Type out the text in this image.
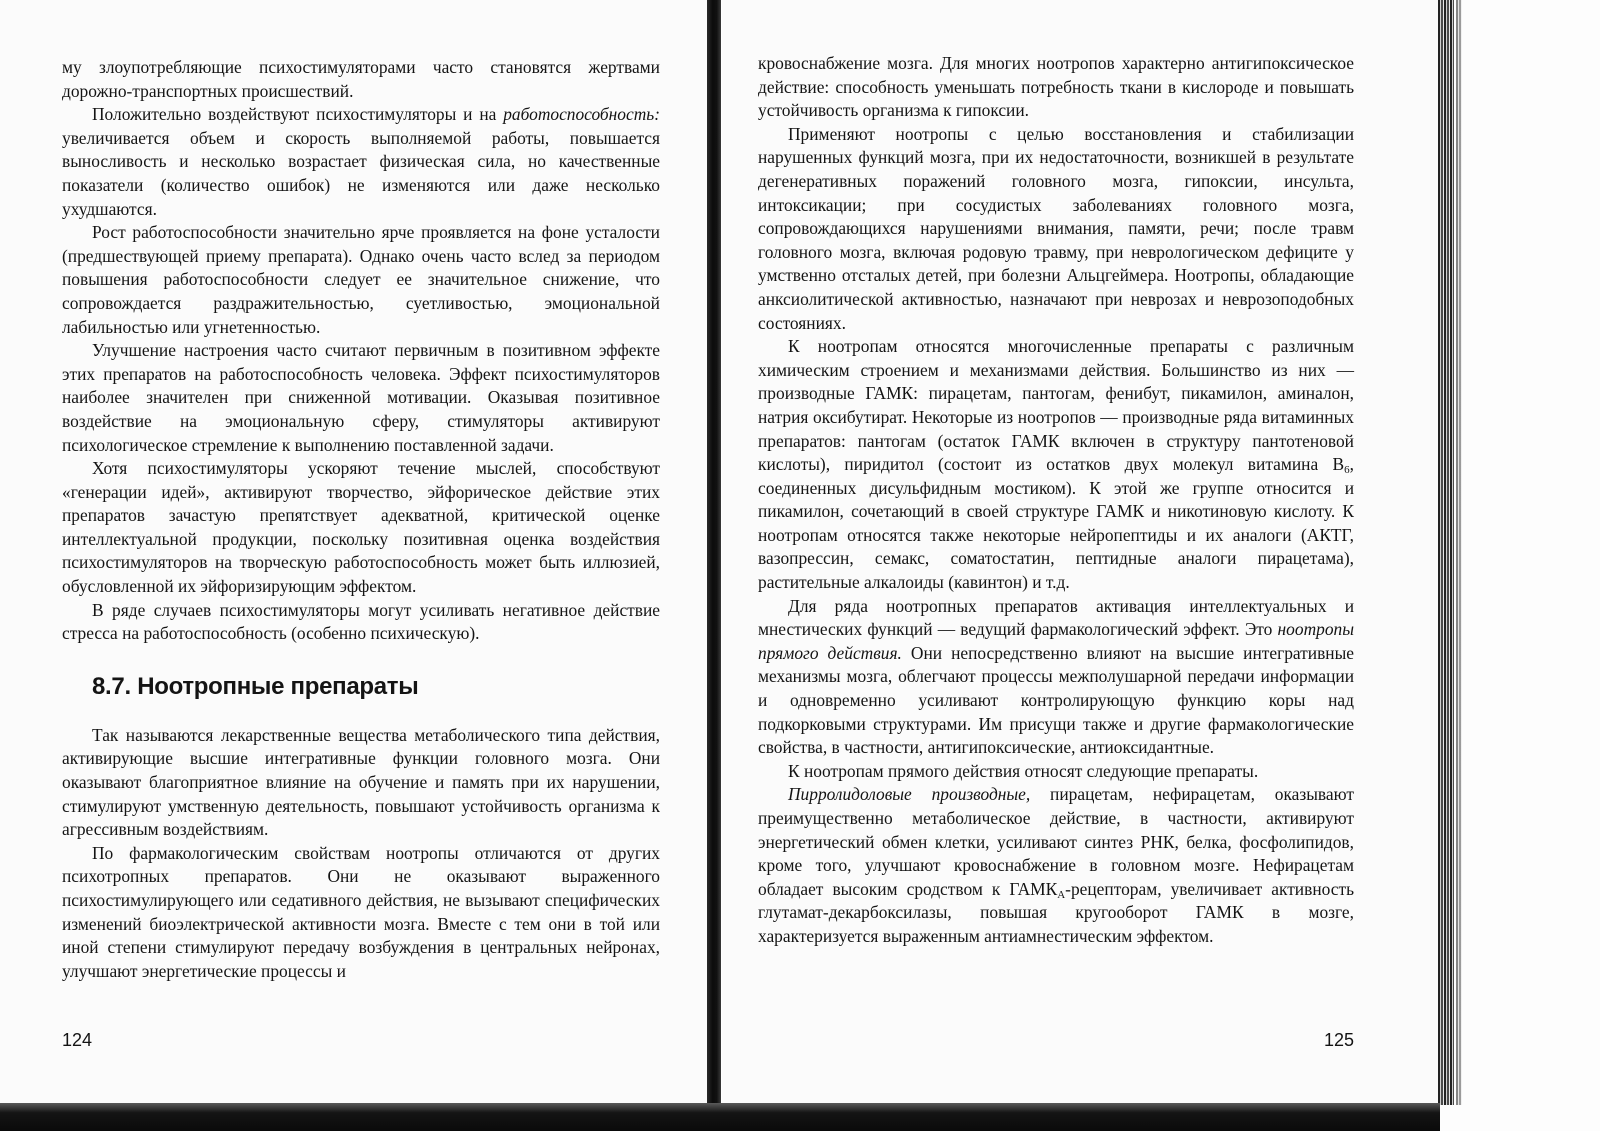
му злоупотребляющие психостимуляторами часто становятся жертвами дорожно-транспортных происшествий.

Положительно воздействуют психостимуляторы и на работоспособность: увеличивается объем и скорость выполняемой работы, повышается выносливость и несколько возрастает физическая сила, но качественные показатели (количество ошибок) не изменяются или даже несколько ухудшаются.

Рост работоспособности значительно ярче проявляется на фоне усталости (предшествующей приему препарата). Однако очень часто вслед за периодом повышения работоспособности следует ее значительное снижение, что сопровождается раздражительностью, суетливостью, эмоциональной лабильностью или угнетенностью.

Улучшение настроения часто считают первичным в позитивном эффекте этих препаратов на работоспособность человека. Эффект психостимуляторов наиболее значителен при сниженной мотивации. Оказывая позитивное воздействие на эмоциональную сферу, стимуляторы активируют психологическое стремление к выполнению поставленной задачи.

Хотя психостимуляторы ускоряют течение мыслей, способствуют «генерации идей», активируют творчество, эйфорическое действие этих препаратов зачастую препятствует адекватной, критической оценке интеллектуальной продукции, поскольку позитивная оценка воздействия психостимуляторов на творческую работоспособность может быть иллюзией, обусловленной их эйфоризирующим эффектом.

В ряде случаев психостимуляторы могут усиливать негативное действие стресса на работоспособность (особенно психическую).

8.7. Ноотропные препараты

Так называются лекарственные вещества метаболического типа действия, активирующие высшие интегративные функции головного мозга. Они оказывают благоприятное влияние на обучение и память при их нарушении, стимулируют умственную деятельность, повышают устойчивость организма к агрессивным воздействиям.

По фармакологическим свойствам ноотропы отличаются от других психотропных препаратов. Они не оказывают выраженного психостимулирующего или седативного действия, не вызывают специфических изменений биоэлектрической активности мозга. Вместе с тем они в той или иной степени стимулируют передачу возбуждения в центральных нейронах, улучшают энергетические процессы и

кровоснабжение мозга. Для многих ноотропов характерно антигипоксическое действие: способность уменьшать потребность ткани в кислороде и повышать устойчивость организма к гипоксии.

Применяют ноотропы с целью восстановления и стабилизации нарушенных функций мозга, при их недостаточности, возникшей в результате дегенеративных поражений головного мозга, гипоксии, инсульта, интоксикации; при сосудистых заболеваниях головного мозга, сопровождающихся нарушениями внимания, памяти, речи; после травм головного мозга, включая родовую травму, при неврологическом дефиците у умственно отсталых детей, при болезни Альцгеймера. Ноотропы, обладающие анксиолитической активностью, назначают при неврозах и неврозоподобных состояниях.

К ноотропам относятся многочисленные препараты с различным химическим строением и механизмами действия. Большинство из них — производные ГАМК: пирацетам, пантогам, фенибут, пикамилон, аминалон, натрия оксибутират. Некоторые из ноотропов — производные ряда витаминных препаратов: пантогам (остаток ГАМК включен в структуру пантотеновой кислоты), пиридитол (состоит из остатков двух молекул витамина $В_6$, соединенных дисульфидным мостиком). К этой же группе относится и пикамилон, сочетающий в своей структуре ГАМК и никотиновую кислоту. К ноотропам относятся также некоторые нейропептиды и их аналоги (АКТГ, вазопрессин, семакс, соматостатин, пептидные аналоги пирацетама), растительные алкалоиды (кавинтон) и т.д.

Для ряда ноотропных препаратов активация интеллектуальных и мнестических функций — ведущий фармакологический эффект. Это ноотропы прямого действия. Они непосредственно влияют на высшие интегративные механизмы мозга, облегчают процессы межполушарной передачи информации и одновременно усиливают контролирующую функцию коры над подкорковыми структурами. Им присущи также и другие фармакологические свойства, в частности, антигипоксические, антиоксидантные.

К ноотропам прямого действия относят следующие препараты.

Пирролидоловые производные, пирацетам, нефирацетам, оказывают преимущественно метаболическое действие, в частности, активируют энергетический обмен клетки, усиливают синтез РНК, белка, фосфолипидов, кроме того, улучшают кровоснабжение в головном мозге. Нефирацетам обладает высоким сродством к $ГАМК_A$-рецепторам, увеличивает активность глутамат-декарбоксилазы, повышая кругооборот ГАМК в мозге, характеризуется выраженным антиамнестическим эффектом.

124	125
